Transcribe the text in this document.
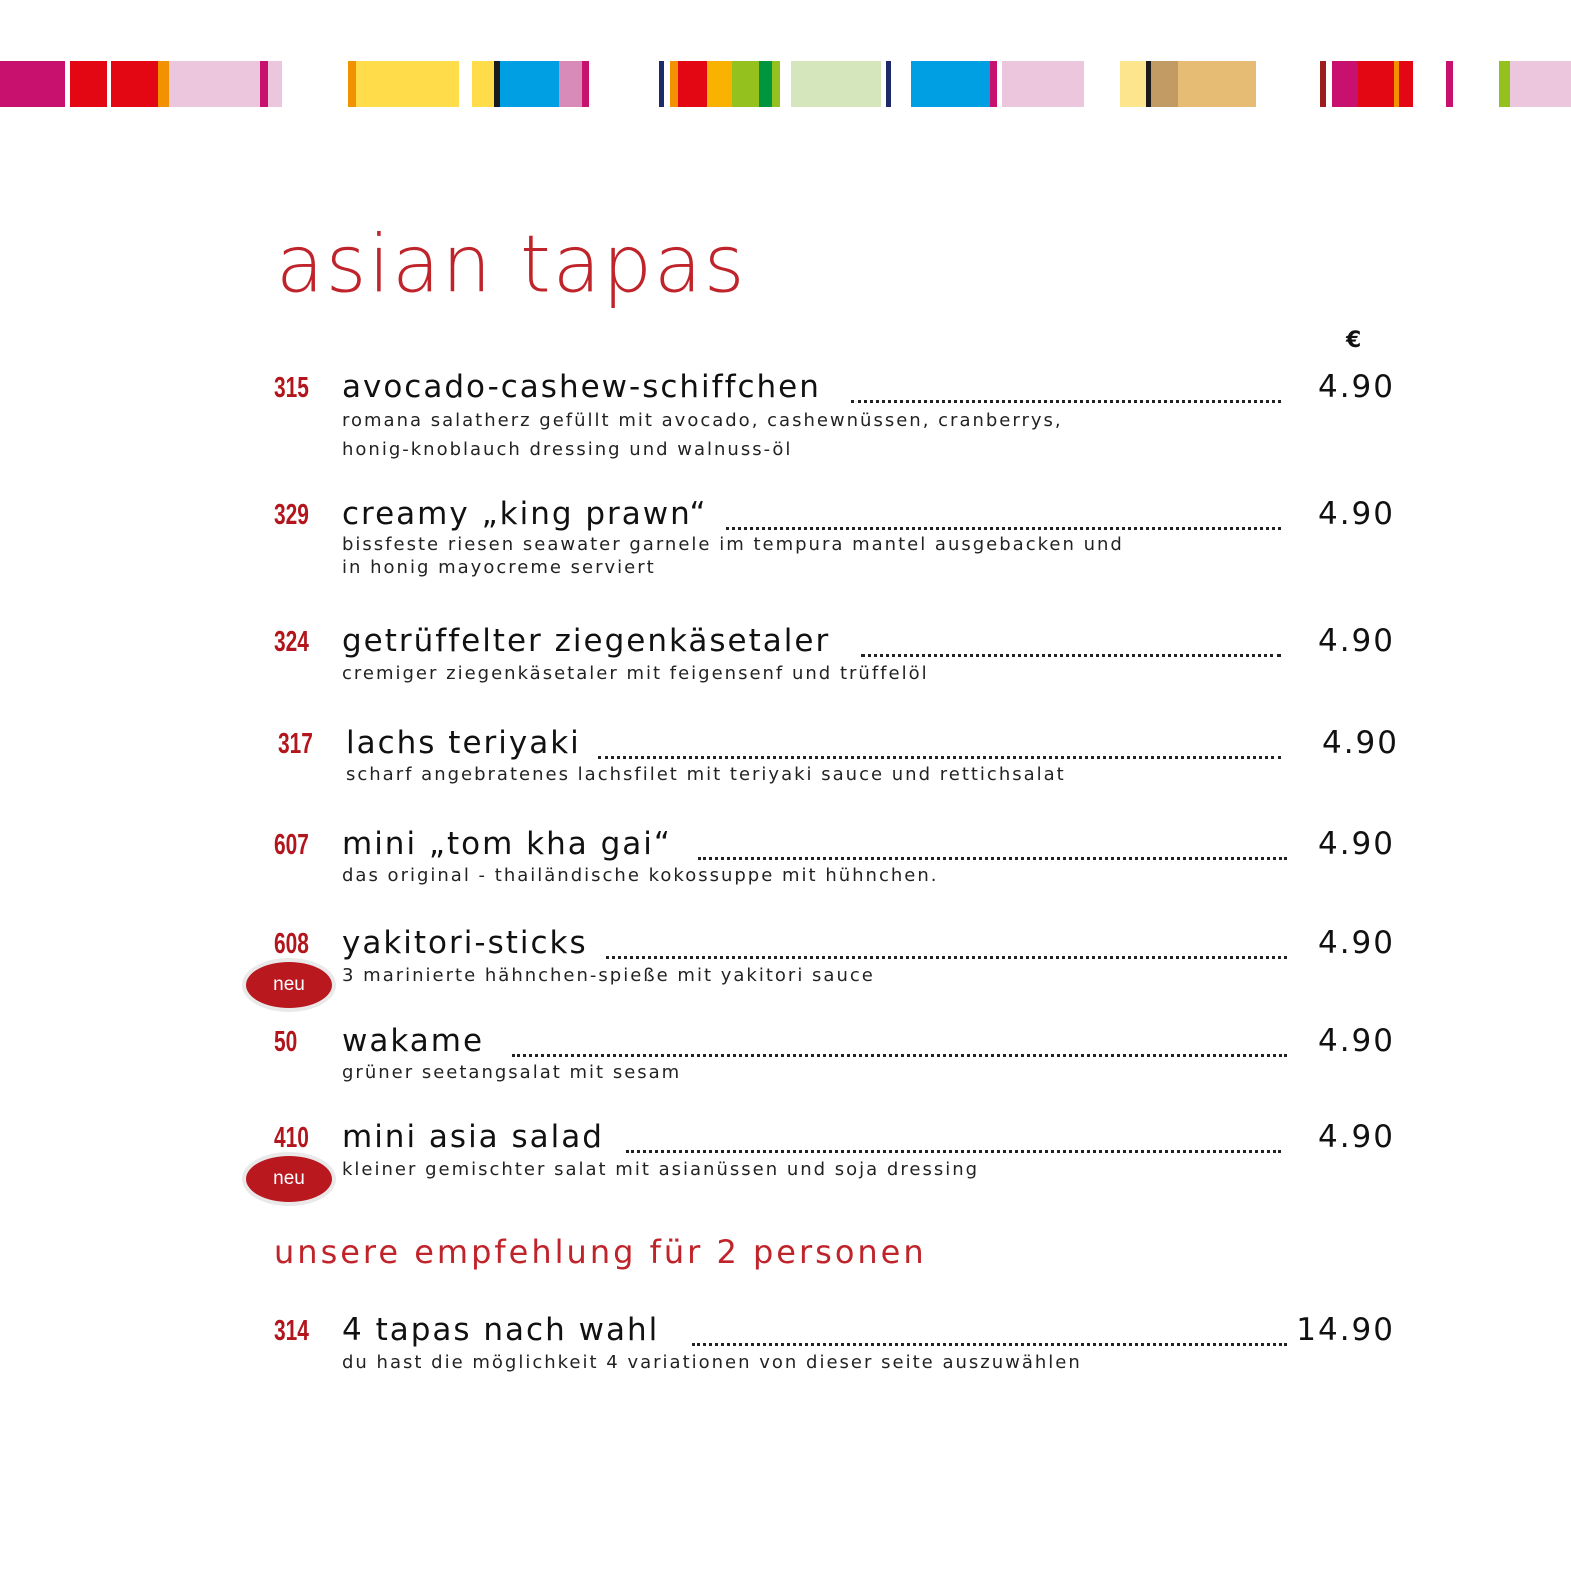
asian tapas
€
315 avocado-cashew-schiffchen	4.90
romana salatherz gefüllt mit avocado, cashewnüssen, cranberrys,
honig-knoblauch dressing und walnuss-öl
329 creamy „king prawn“	4.90
bissfeste riesen seawater garnele im tempura mantel ausgebacken und
in honig mayocreme serviert
324 getrüffelter ziegenkäsetaler	4.90
cremiger ziegenkäsetaler mit feigensenf und trüffelöl
317 lachs teriyaki	4.90
scharf angebratenes lachsfilet mit teriyaki sauce und rettichsalat
607 mini „tom kha gai“	4.90
das original - thailändische kokossuppe mit hühnchen.
608 yakitori-sticks	4.90
3 marinierte hähnchen-spieße mit yakitori sauce
neu
50 wakame	4.90
grüner seetangsalat mit sesam
410 mini asia salad	4.90
kleiner gemischter salat mit asianüssen und soja dressing
neu
unsere empfehlung für 2 personen
314 4 tapas nach wahl	14.90
du hast die möglichkeit 4 variationen von dieser seite auszuwählen
